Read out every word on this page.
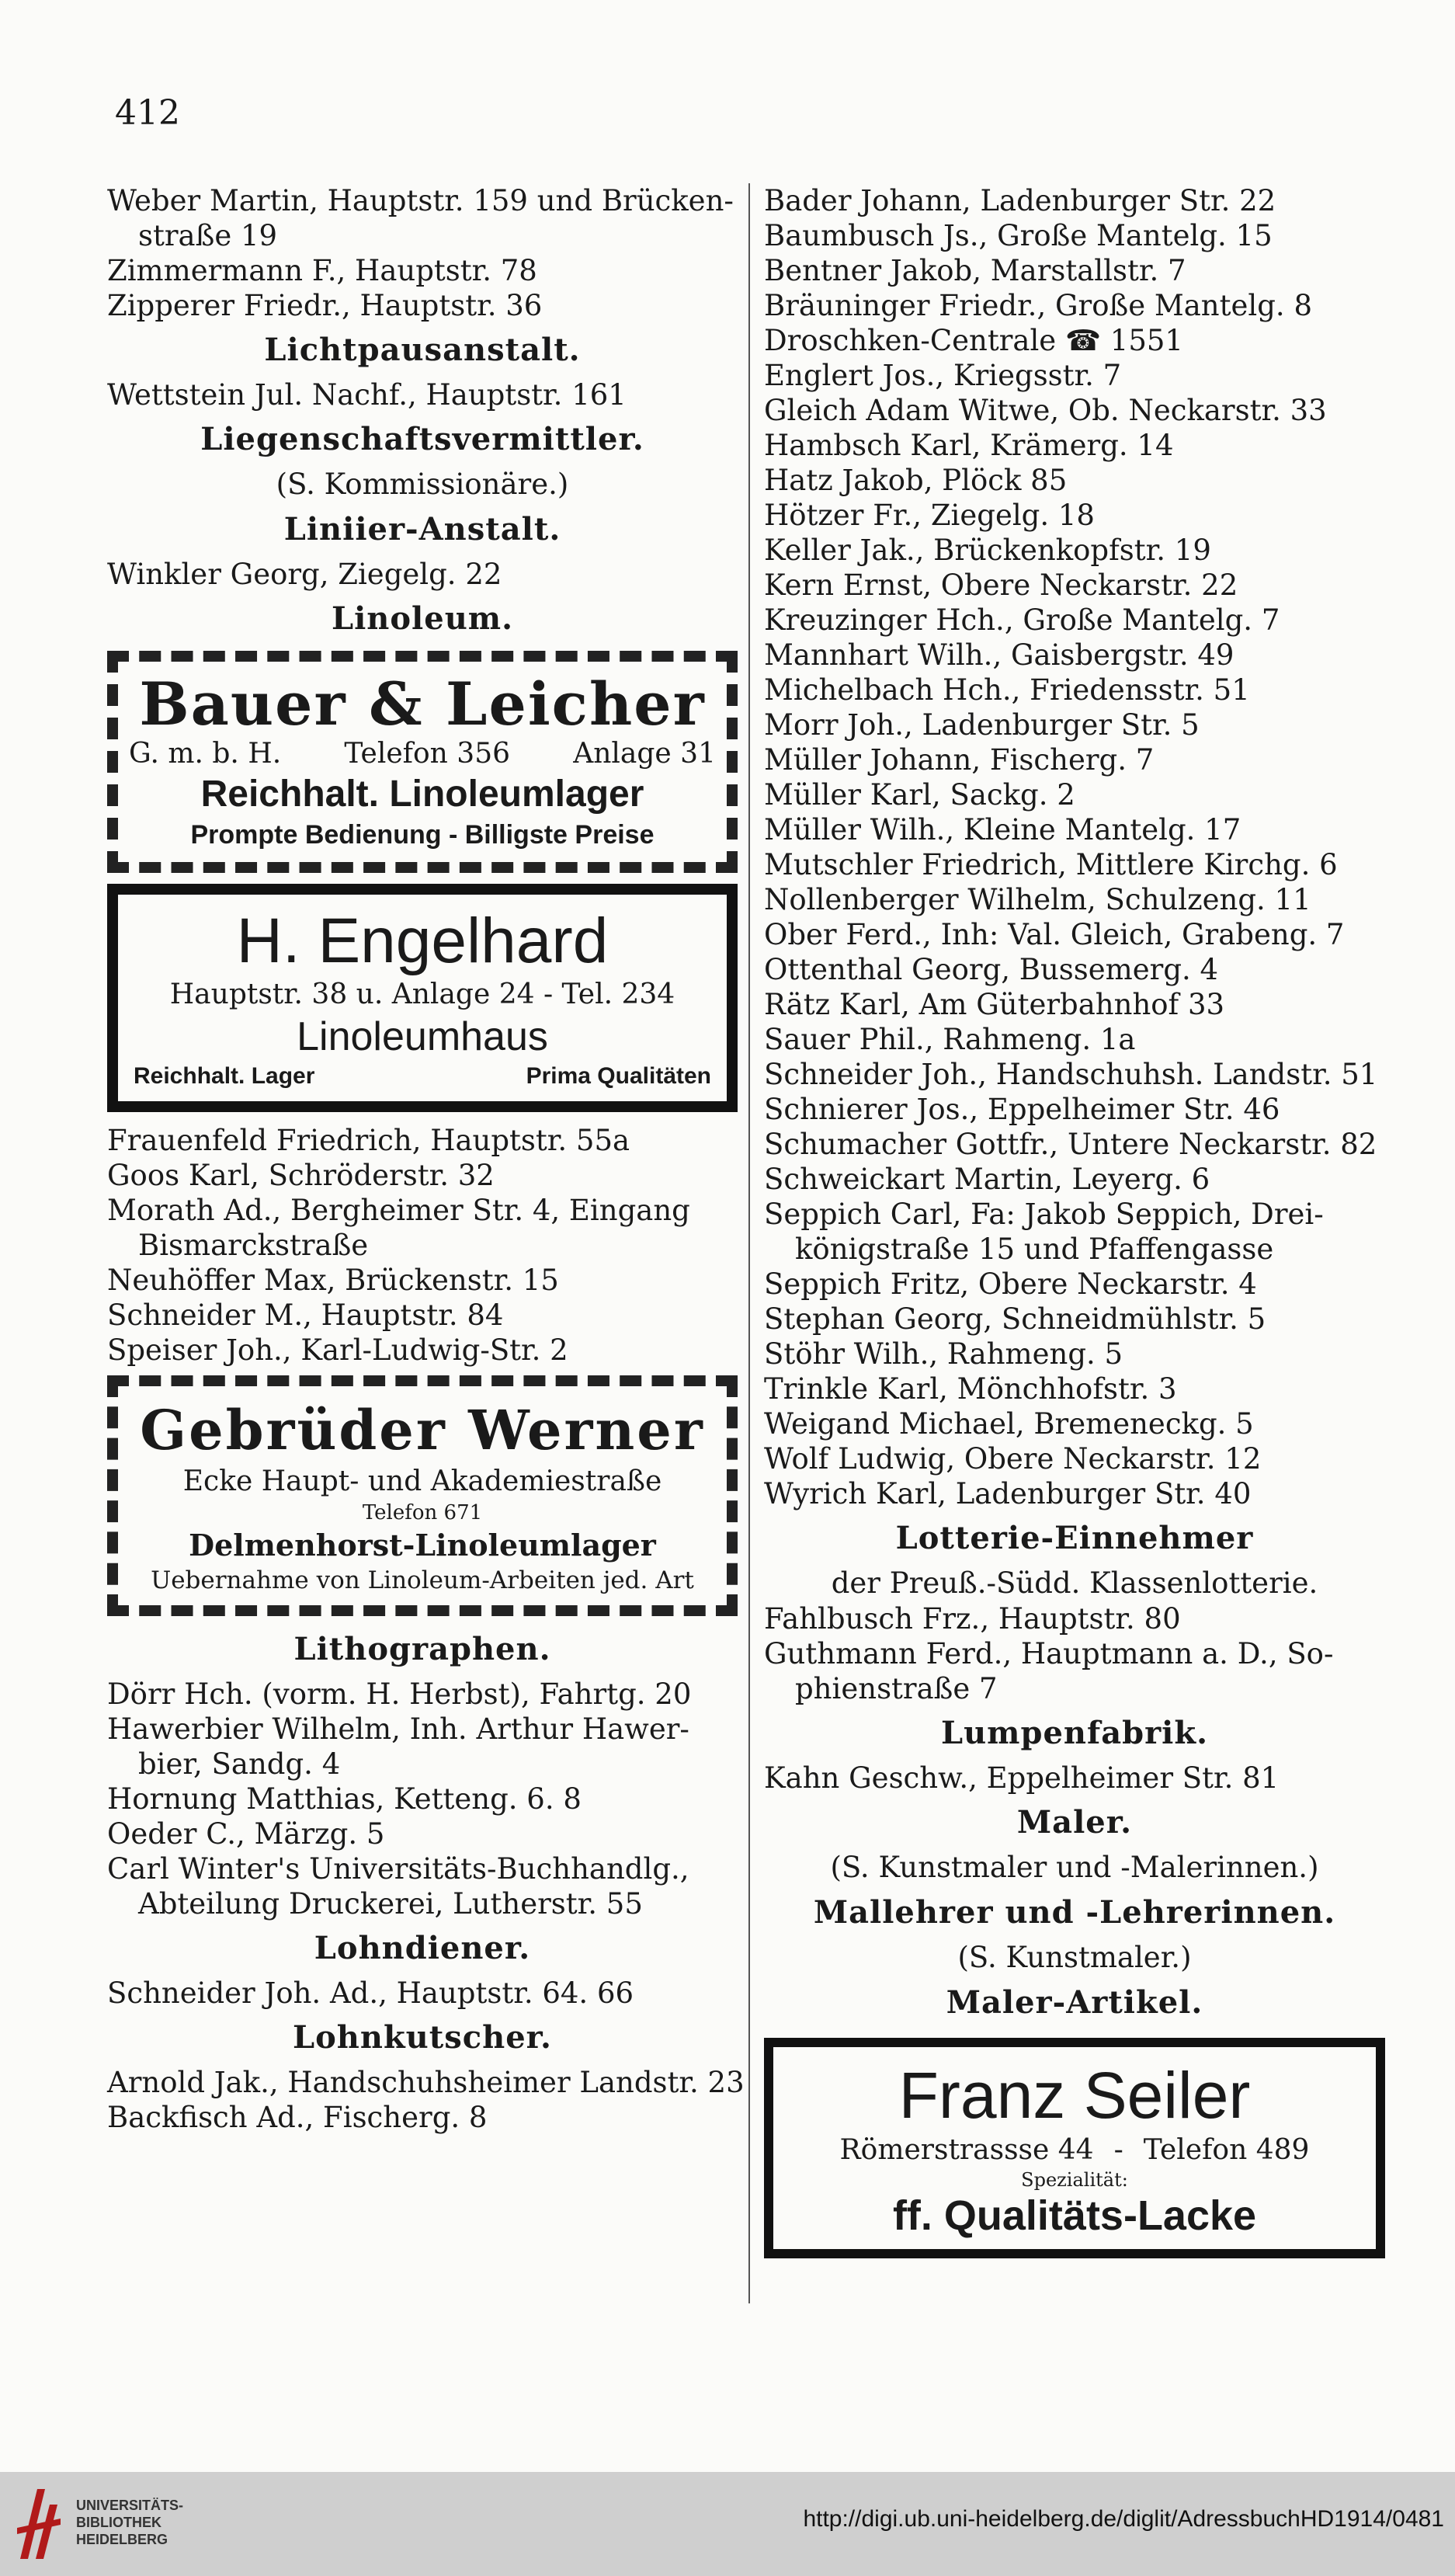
412

Weber Martin, Hauptstr. 159 und Brücken- straße 19

Zimmermann F., Hauptstr. 78

Zipperer Friedr., Hauptstr. 36

Lichtpausanstalt.

Wettstein Jul. Nachf., Hauptstr. 161

Liegenschaftsvermittler.

(S. Kommissionäre.)

Liniier-Anstalt.

Winkler Georg, Ziegelg. 22

Linoleum.

Bauer & Leicher

G. m. b. H. Telefon 356 Anlage 31

Reichhalt. Linoleumlager

Prompte Bedienung - Billigste Preise

H. Engelhard

Hauptstr. 38 u. Anlage 24 - Tel. 234

Linoleumhaus

Reichhalt. Lager	Prima Qualitäten

Frauenfeld Friedrich, Hauptstr. 55a

Goos Karl, Schröderstr. 32

Morath Ad., Bergheimer Str. 4, Eingang Bismarckstraße

Neuhöffer Max, Brückenstr. 15

Schneider M., Hauptstr. 84

Speiser Joh., Karl-Ludwig-Str. 2

Gebrüder Werner

Ecke Haupt- und Akademiestraße

Telefon 671

Delmenhorst-Linoleumlager

Uebernahme von Linoleum-Arbeiten jed. Art

Lithographen.

Dörr Hch. (vorm. H. Herbst), Fahrtg. 20

Hawerbier Wilhelm, Inh. Arthur Hawer- bier, Sandg. 4

Hornung Matthias, Ketteng. 6. 8

Oeder C., Märzg. 5

Carl Winter's Universitäts-Buchhandlg., Abteilung Druckerei, Lutherstr. 55

Lohndiener.

Schneider Joh. Ad., Hauptstr. 64. 66

Lohnkutscher.

Arnold Jak., Handschuhsheimer Landstr. 23

Backfisch Ad., Fischerg. 8

Bader Johann, Ladenburger Str. 22

Baumbusch Js., Große Mantelg. 15

Bentner Jakob, Marstallstr. 7

Bräuninger Friedr., Große Mantelg. 8

Droschken-Centrale ☎ 1551

Englert Jos., Kriegsstr. 7

Gleich Adam Witwe, Ob. Neckarstr. 33

Hambsch Karl, Krämerg. 14

Hatz Jakob, Plöck 85

Hötzer Fr., Ziegelg. 18

Keller Jak., Brückenkopfstr. 19

Kern Ernst, Obere Neckarstr. 22

Kreuzinger Hch., Große Mantelg. 7

Mannhart Wilh., Gaisbergstr. 49

Michelbach Hch., Friedensstr. 51

Morr Joh., Ladenburger Str. 5

Müller Johann, Fischerg. 7

Müller Karl, Sackg. 2

Müller Wilh., Kleine Mantelg. 17

Mutschler Friedrich, Mittlere Kirchg. 6

Nollenberger Wilhelm, Schulzeng. 11

Ober Ferd., Inh: Val. Gleich, Grabeng. 7

Ottenthal Georg, Bussemerg. 4

Rätz Karl, Am Güterbahnhof 33

Sauer Phil., Rahmeng. 1a

Schneider Joh., Handschuhsh. Landstr. 51

Schnierer Jos., Eppelheimer Str. 46

Schumacher Gottfr., Untere Neckarstr. 82

Schweickart Martin, Leyerg. 6

Seppich Carl, Fa: Jakob Seppich, Drei- königstraße 15 und Pfaffengasse

Seppich Fritz, Obere Neckarstr. 4

Stephan Georg, Schneidmühlstr. 5

Stöhr Wilh., Rahmeng. 5

Trinkle Karl, Mönchhofstr. 3

Weigand Michael, Bremeneckg. 5

Wolf Ludwig, Obere Neckarstr. 12

Wyrich Karl, Ladenburger Str. 40

Lotterie-Einnehmer

der Preuß.-Südd. Klassenlotterie.

Fahlbusch Frz., Hauptstr. 80

Guthmann Ferd., Hauptmann a. D., So- phienstraße 7

Lumpenfabrik.

Kahn Geschw., Eppelheimer Str. 81

Maler.

(S. Kunstmaler und -Malerinnen.)

Mallehrer und -Lehrerinnen.

(S. Kunstmaler.)

Maler-Artikel.

Franz Seiler

Römerstrassse 44 - Telefon 489

Spezialität:

ff. Qualitäts-Lacke

UNIVERSITÄTS-
BIBLIOTHEK
HEIDELBERG
http://digi.ub.uni-heidelberg.de/diglit/AdressbuchHD1914/0481
